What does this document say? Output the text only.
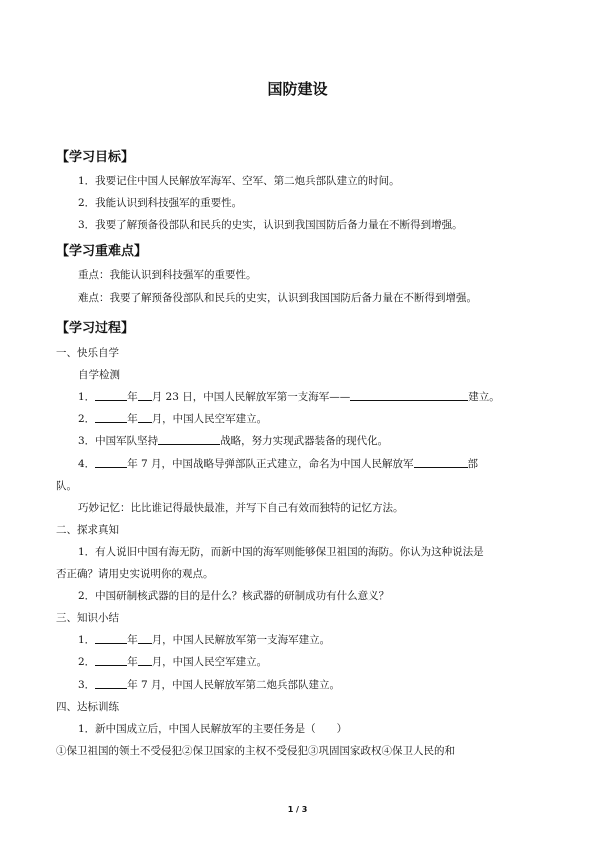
国防建设
【学习目标】
1．我要记住中国人民解放军海军、空军、第二炮兵部队建立的时间。
2．我能认识到科技强军的重要性。
3．我要了解预备役部队和民兵的史实，认识到我国国防后备力量在不断得到增强。
【学习重难点】
重点：我能认识到科技强军的重要性。
难点：我要了解预备役部队和民兵的史实，认识到我国国防后备力量在不断得到增强。
【学习过程】
一、快乐自学
自学检测
1．	年 月 23 日，中国人民解放军第一支海军——	建立。
2．	年 月，中国人民空军建立。
3．中国军队坚持	战略，努力实现武器装备的现代化。
4．	年 7 月，中国战略导弹部队正式建立，命名为中国人民解放军	部
队。
巧妙记忆：比比谁记得最快最准，并写下自己有效而独特的记忆方法。
二、探求真知
1．有人说旧中国有海无防，而新中国的海军则能够保卫祖国的海防。你认为这种说法是
否正确？请用史实说明你的观点。
2．中国研制核武器的目的是什么？核武器的研制成功有什么意义？
三、知识小结
1．	年 月，中国人民解放军第一支海军建立。
2．	年 月，中国人民空军建立。
3．	年 7 月，中国人民解放军第二炮兵部队建立。
四、达标训练
1．新中国成立后，中国人民解放军的主要任务是（　　）
①保卫祖国的领土不受侵犯②保卫国家的主权不受侵犯③巩固国家政权④保卫人民的和
1 / 3
